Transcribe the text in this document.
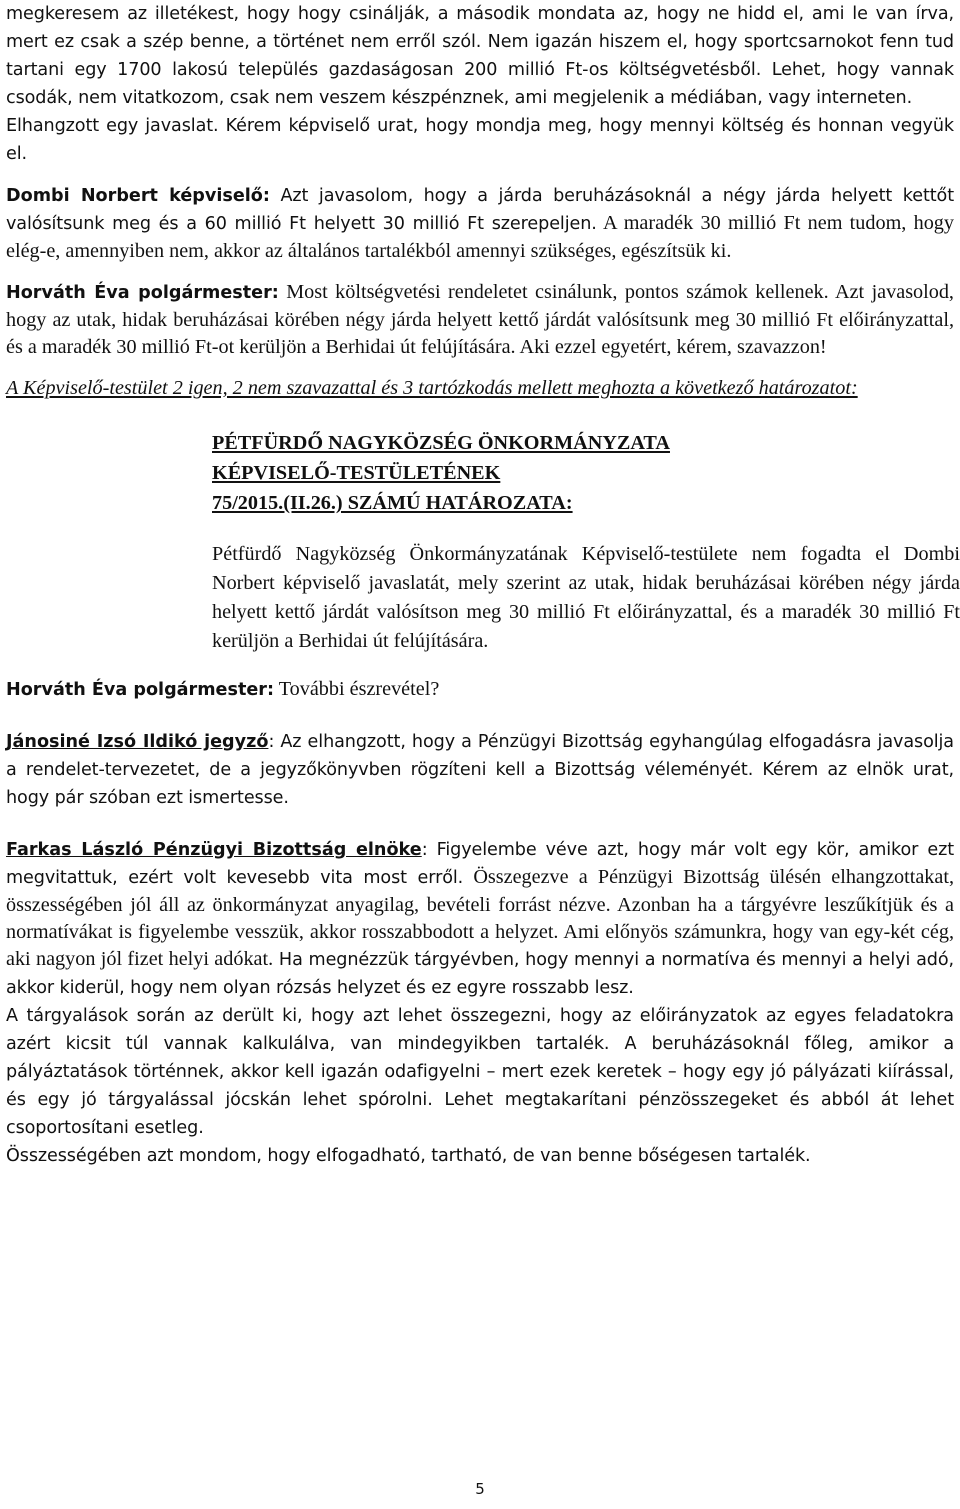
megkeresem az illetékest, hogy hogy csinálják, a második mondata az, hogy ne hidd el, ami le van írva, mert ez csak a szép benne, a történet nem erről szól. Nem igazán hiszem el, hogy sportcsarnokot fenn tud tartani egy 1700 lakosú település gazdaságosan 200 millió Ft-os költségvetésből. Lehet, hogy vannak csodák, nem vitatkozom, csak nem veszem készpénznek, ami megjelenik a médiában, vagy interneten.

Elhangzott egy javaslat. Kérem képviselő urat, hogy mondja meg, hogy mennyi költség és honnan vegyük el.

Dombi Norbert képviselő: Azt javasolom, hogy a járda beruházásoknál a négy járda helyett kettőt valósítsunk meg és a 60 millió Ft helyett 30 millió Ft szerepeljen. A maradék 30 millió Ft nem tudom, hogy elég-e, amennyiben nem, akkor az általános tartalékból amennyi szükséges, egészítsük ki.

Horváth Éva polgármester: Most költségvetési rendeletet csinálunk, pontos számok kellenek. Azt javasolod, hogy az utak, hidak beruházásai körében négy járda helyett kettő járdát valósítsunk meg 30 millió Ft előirányzattal, és a maradék 30 millió Ft-ot kerüljön a Berhidai út felújítására. Aki ezzel egyetért, kérem, szavazzon!

A Képviselő-testület 2 igen, 2 nem szavazattal és 3 tartózkodás mellett meghozta a következő határozatot:

PÉTFÜRDŐ NAGYKÖZSÉG ÖNKORMÁNYZATA
KÉPVISELŐ-TESTÜLETÉNEK
75/2015.(II.26.) SZÁMÚ HATÁROZATA:

Pétfürdő Nagyközség Önkormányzatának Képviselő-testülete nem fogadta el Dombi Norbert képviselő javaslatát, mely szerint az utak, hidak beruházásai körében négy járda helyett kettő járdát valósítson meg 30 millió Ft előirányzattal, és a maradék 30 millió Ft kerüljön a Berhidai út felújítására.

Horváth Éva polgármester: További észrevétel?

Jánosiné Izsó Ildikó jegyző: Az elhangzott, hogy a Pénzügyi Bizottság egyhangúlag elfogadásra javasolja a rendelet-tervezetet, de a jegyzőkönyvben rögzíteni kell a Bizottság véleményét. Kérem az elnök urat, hogy pár szóban ezt ismertesse.

Farkas László Pénzügyi Bizottság elnöke: Figyelembe véve azt, hogy már volt egy kör, amikor ezt megvitattuk, ezért volt kevesebb vita most erről. Összegezve a Pénzügyi Bizottság ülésén elhangzottakat, összességében jól áll az önkormányzat anyagilag, bevételi forrást nézve. Azonban ha a tárgyévre leszűkítjük és a normatívákat is figyelembe vesszük, akkor rosszabbodott a helyzet. Ami előnyös számunkra, hogy van egy-két cég, aki nagyon jól fizet helyi adókat. Ha megnézzük tárgyévben, hogy mennyi a normatíva és mennyi a helyi adó, akkor kiderül, hogy nem olyan rózsás helyzet és ez egyre rosszabb lesz.

A tárgyalások során az derült ki, hogy azt lehet összegezni, hogy az előirányzatok az egyes feladatokra azért kicsit túl vannak kalkulálva, van mindegyikben tartalék. A beruházásoknál főleg, amikor a pályáztatások történnek, akkor kell igazán odafigyelni – mert ezek keretek – hogy egy jó pályázati kiírással, és egy jó tárgyalással jócskán lehet spórolni. Lehet megtakarítani pénzösszegeket és abból át lehet csoportosítani esetleg.

Összességében azt mondom, hogy elfogadható, tartható, de van benne bőségesen tartalék.

5
